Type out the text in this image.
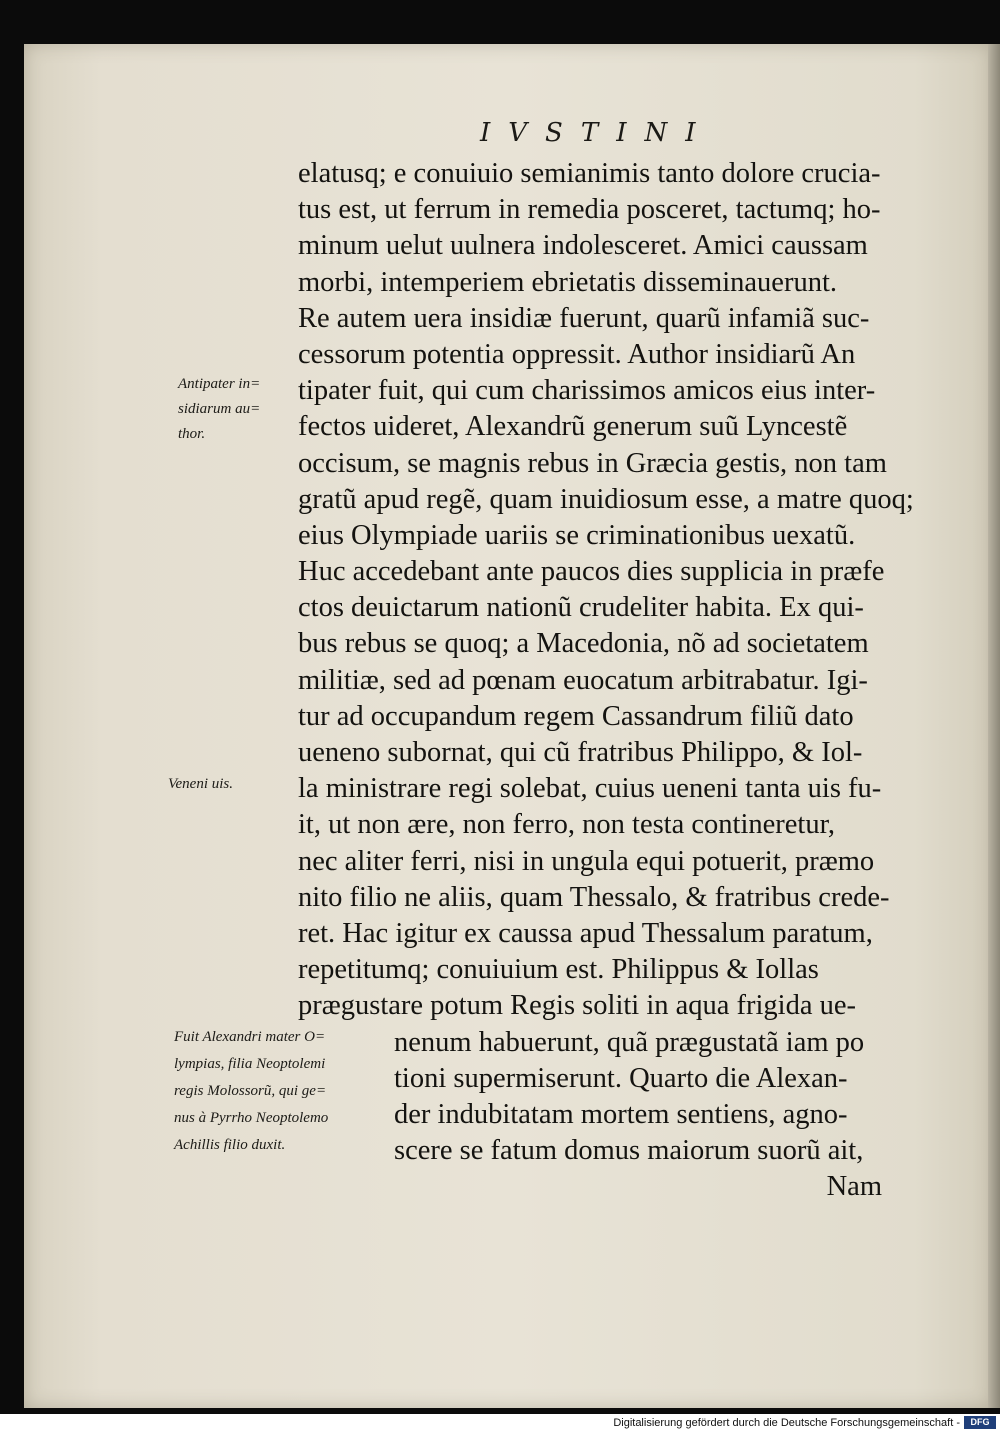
IVSTINI
elatusq; e conuiuio semianimis tanto dolore crucia-
tus est, ut ferrum in remedia posceret, tactumq; ho-
minum uelut uulnera indolesceret. Amici caussam
morbi, intemperiem ebrietatis disseminauerunt.
Re autem uera insidiæ fuerunt, quarũ infamiã suc-
cessorum potentia oppressit. Author insidiarũ An
tipater fuit, qui cum charissimos amicos eius inter-
fectos uideret, Alexandrũ generum suũ Lyncestẽ
occisum, se magnis rebus in Græcia gestis, non tam
gratũ apud regẽ, quam inuidiosum esse, a matre quoq;
eius Olympiade uariis se criminationibus uexatũ.
Huc accedebant ante paucos dies supplicia in præfe
ctos deuictarum nationũ crudeliter habita. Ex qui-
bus rebus se quoq; a Macedonia, nõ ad societatem
militiæ, sed ad pœnam euocatum arbitrabatur. Igi-
tur ad occupandum regem Cassandrum filiũ dato
ueneno subornat, qui cũ fratribus Philippo, & Iol-
la ministrare regi solebat, cuius ueneni tanta uis fu-
it, ut non ære, non ferro, non testa contineretur,
nec aliter ferri, nisi in ungula equi potuerit, præmo
nito filio ne aliis, quam Thessalo, & fratribus crede-
ret. Hac igitur ex caussa apud Thessalum paratum,
repetitumq; conuiuium est. Philippus & Iollas
prægustare potum Regis soliti in aqua frigida ue-
nenum habuerunt, quã prægustatã iam po
tioni supermiserunt. Quarto die Alexan-
der indubitatam mortem sentiens, agno-
scere se fatum domus maiorum suorũ ait,
Nam
Antipater in=
sidiarum au=
thor.
Veneni uis.
Fuit Alexandri mater O=
lympias, filia Neoptolemi
regis Molossorũ, qui ge=
nus à Pyrrho Neoptolemo
Achillis filio duxit.
Digitalisierung gefördert durch die Deutsche Forschungsgemeinschaft -	DFG
